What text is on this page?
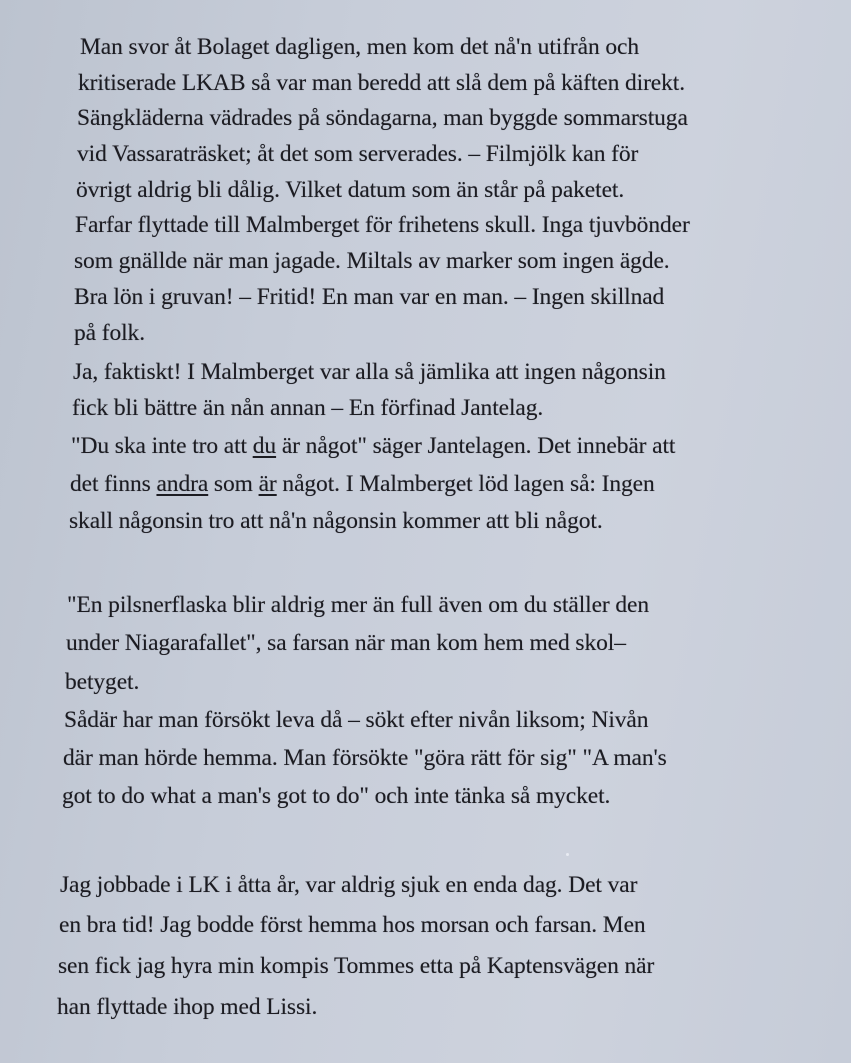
Man svor åt Bolaget dagligen, men kom det nå'n utifrån och
kritiserade LKAB så var man beredd att slå dem på käften direkt.
Sängkläderna vädrades på söndagarna, man byggde sommarstuga
vid Vassaraträsket; åt det som serverades. – Filmjölk kan för
övrigt aldrig bli dålig. Vilket datum som än står på paketet.
Farfar flyttade till Malmberget för frihetens skull. Inga tjuvbönder
som gnällde när man jagade. Miltals av marker som ingen ägde.
Bra lön i gruvan! – Fritid! En man var en man. – Ingen skillnad
på folk.
Ja, faktiskt! I Malmberget var alla så jämlika att ingen någonsin
fick bli bättre än nån annan – En förfinad Jantelag.
"Du ska inte tro att du är något" säger Jantelagen. Det innebär att
det finns andra som är något. I Malmberget löd lagen så: Ingen
skall någonsin tro att nå'n någonsin kommer att bli något.
"En pilsnerflaska blir aldrig mer än full även om du ställer den
under Niagarafallet", sa farsan när man kom hem med skol–
betyget.
Sådär har man försökt leva då – sökt efter nivån liksom; Nivån
där man hörde hemma. Man försökte "göra rätt för sig" "A man's
got to do what a man's got to do" och inte tänka så mycket.
Jag jobbade i LK i åtta år, var aldrig sjuk en enda dag. Det var
en bra tid! Jag bodde först hemma hos morsan och farsan. Men
sen fick jag hyra min kompis Tommes etta på Kaptensvägen när
han flyttade ihop med Lissi.
